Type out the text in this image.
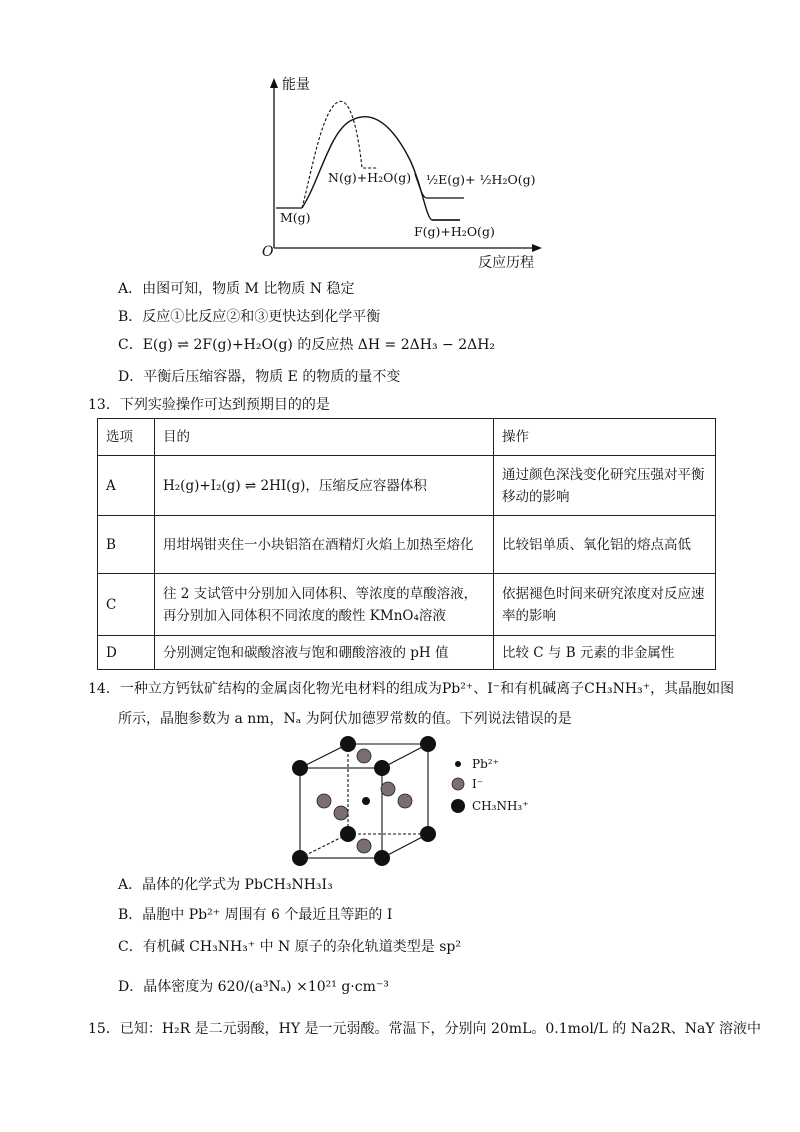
能量
O
反应历程
M(g)
N(g)+H₂O(g) ½E(g)+ ½H₂O(g)
F(g)+H₂O(g)
A．由图可知，物质 M 比物质 N 稳定
B．反应①比反应②和③更快达到化学平衡
C．E(g) ⇌ 2F(g)+H₂O(g) 的反应热 ΔH = 2ΔH₃ − 2ΔH₂
D．平衡后压缩容器，物质 E 的物质的量不变
13．下列实验操作可达到预期目的的是
选项	目的	操作
A	H₂(g)+I₂(g) ⇌ 2HI(g)，压缩反应容器体积	通过颜色深浅变化研究压强对平衡移动的影响
B	用坩埚钳夹住一小块铝箔在酒精灯火焰上加热至熔化	比较铝单质、氧化铝的熔点高低
C	往 2 支试管中分别加入同体积、等浓度的草酸溶液，再分别加入同体积不同浓度的酸性 KMnO₄溶液	依据褪色时间来研究浓度对反应速率的影响
D	分别测定饱和碳酸溶液与饱和硼酸溶液的 pH 值	比较 C 与 B 元素的非金属性
14．一种立方钙钛矿结构的金属卤化物光电材料的组成为Pb²⁺、I⁻和有机碱离子CH₃NH₃⁺，其晶胞如图
所示，晶胞参数为 a nm，Nₐ 为阿伏加德罗常数的值。下列说法错误的是
Pb²⁺
I⁻
CH₃NH₃⁺
A．晶体的化学式为 PbCH₃NH₃I₃
B．晶胞中 Pb²⁺ 周围有 6 个最近且等距的 I
C．有机碱 CH₃NH₃⁺ 中 N 原子的杂化轨道类型是 sp²
D．晶体密度为 620/(a³Nₐ) ×10²¹ g·cm⁻³
15．已知：H₂R 是二元弱酸，HY 是一元弱酸。常温下，分别向 20mL。0.1mol/L 的 Na2R、NaY 溶液中
